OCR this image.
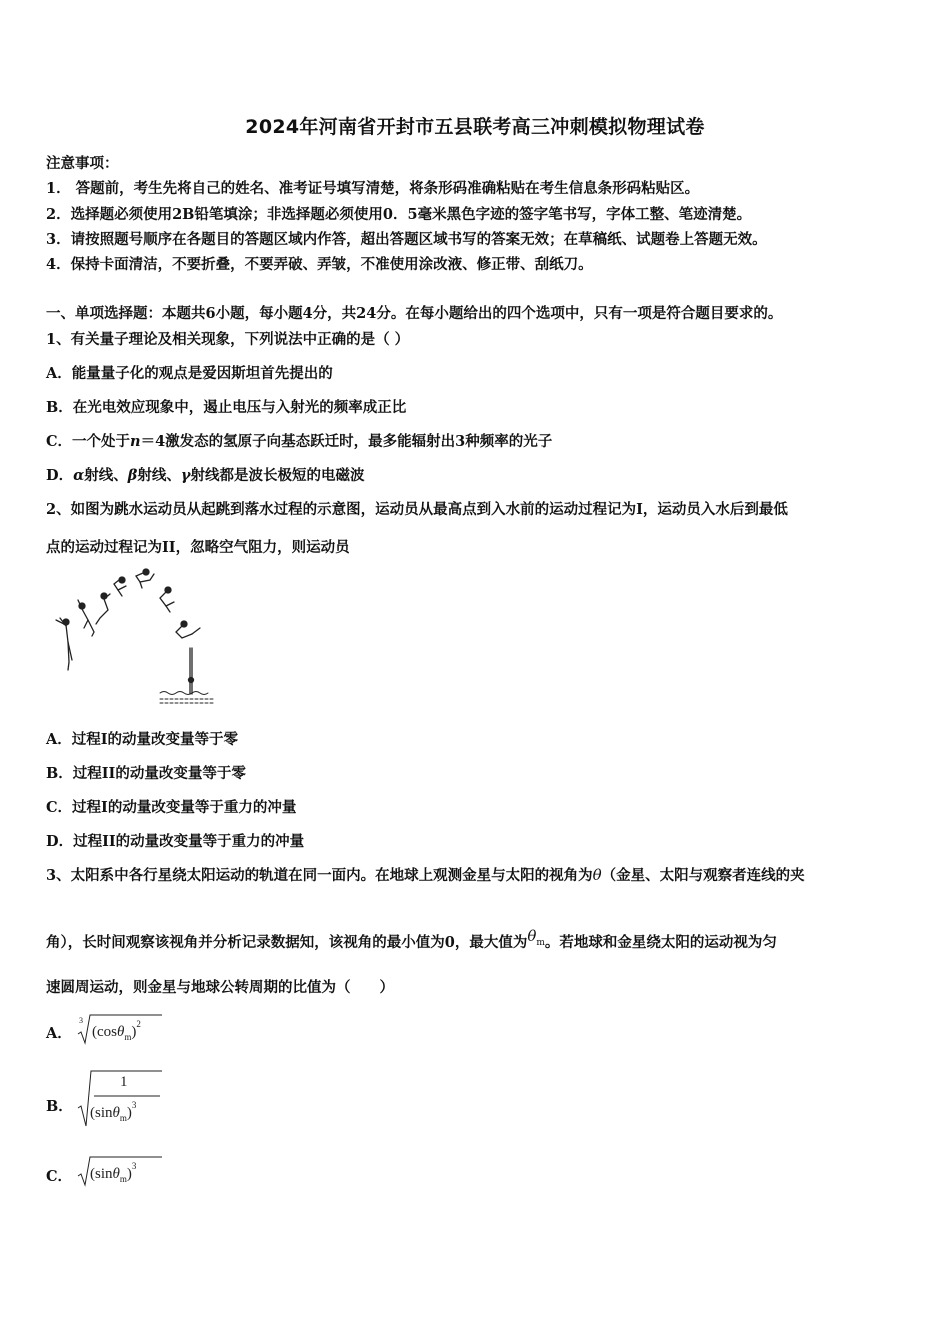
2024年河南省开封市五县联考高三冲刺模拟物理试卷
注意事项：
1． 答题前，考生先将自己的姓名、准考证号填写清楚，将条形码准确粘贴在考生信息条形码粘贴区。
2．选择题必须使用2B铅笔填涂；非选择题必须使用0．5毫米黑色字迹的签字笔书写，字体工整、笔迹清楚。
3．请按照题号顺序在各题目的答题区域内作答，超出答题区域书写的答案无效；在草稿纸、试题卷上答题无效。
4．保持卡面清洁，不要折叠，不要弄破、弄皱，不准使用涂改液、修正带、刮纸刀。
一、单项选择题：本题共6小题，每小题4分，共24分。在每小题给出的四个选项中，只有一项是符合题目要求的。
1、有关量子理论及相关现象，下列说法中正确的是（ ）
A．能量量子化的观点是爱因斯坦首先提出的
B．在光电效应现象中，遏止电压与入射光的频率成正比
C．一个处于n＝4激发态的氢原子向基态跃迁时，最多能辐射出3种频率的光子
D．α射线、β射线、γ射线都是波长极短的电磁波
2、如图为跳水运动员从起跳到落水过程的示意图，运动员从最高点到入水前的运动过程记为I，运动员入水后到最低
点的运动过程记为II，忽略空气阻力，则运动员
A．过程I的动量改变量等于零
B．过程II的动量改变量等于零
C．过程I的动量改变量等于重力的冲量
D．过程II的动量改变量等于重力的冲量
3、太阳系中各行星绕太阳运动的轨道在同一面内。在地球上观测金星与太阳的视角为θ（金星、太阳与观察者连线的夹
角），长时间观察该视角并分析记录数据知，该视角的最小值为0，最大值为$\theta_m$。若地球和金星绕太阳的运动视为匀
速圆周运动，则金星与地球公转周期的比值为（　　）
A．
3
$(\cos\theta_m)^2$
B．
1
$(\sin\theta_m)^3$
C． $(\sin\theta_m)^3$
